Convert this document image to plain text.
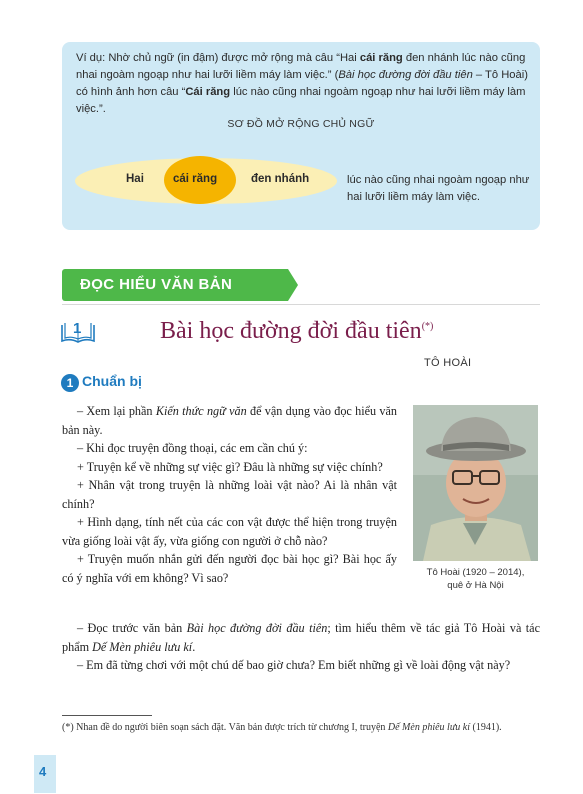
Ví dụ: Nhờ chủ ngữ (in đậm) được mở rộng mà câu “Hai cái răng đen nhánh lúc nào cũng nhai ngoàm ngoạp như hai lưỡi liềm máy làm việc.” (Bài học đường đời đầu tiên – Tô Hoài) có hình ảnh hơn câu “Cái răng lúc nào cũng nhai ngoàm ngoạp như hai lưỡi liềm máy làm việc.”.
SƠ ĐỒ MỞ RỘNG CHỦ NGỮ
Hai	cái răng	đen nhánh	lúc nào cũng nhai ngoàm ngoạp như hai lưỡi liềm máy làm việc.
ĐỌC HIỂU VĂN BẢN
1	Bài học đường đời đầu tiên(*)
TÔ HOÀI
1 Chuẩn bị

– Xem lại phần Kiến thức ngữ văn để vận dụng vào đọc hiểu văn bản này.

– Khi đọc truyện đồng thoại, các em cần chú ý:

+ Truyện kể về những sự việc gì? Đâu là những sự việc chính?

+ Nhân vật trong truyện là những loài vật nào? Ai là nhân vật chính?

+ Hình dạng, tính nết của các con vật được thể hiện trong truyện vừa giống loài vật ấy, vừa giống con người ở chỗ nào?

+ Truyện muốn nhắn gửi đến người đọc bài học gì? Bài học ấy có ý nghĩa với em không? Vì sao?

– Đọc trước văn bản Bài học đường đời đầu tiên; tìm hiểu thêm về tác giả Tô Hoài và tác phẩm Dế Mèn phiêu lưu kí.

– Em đã từng chơi với một chú dế bao giờ chưa? Em biết những gì về loài động vật này?

Tô Hoài (1920 – 2014),
quê ở Hà Nội
(*) Nhan đề do người biên soạn sách đặt. Văn bản được trích từ chương I, truyện Dế Mèn phiêu lưu kí (1941).
4
